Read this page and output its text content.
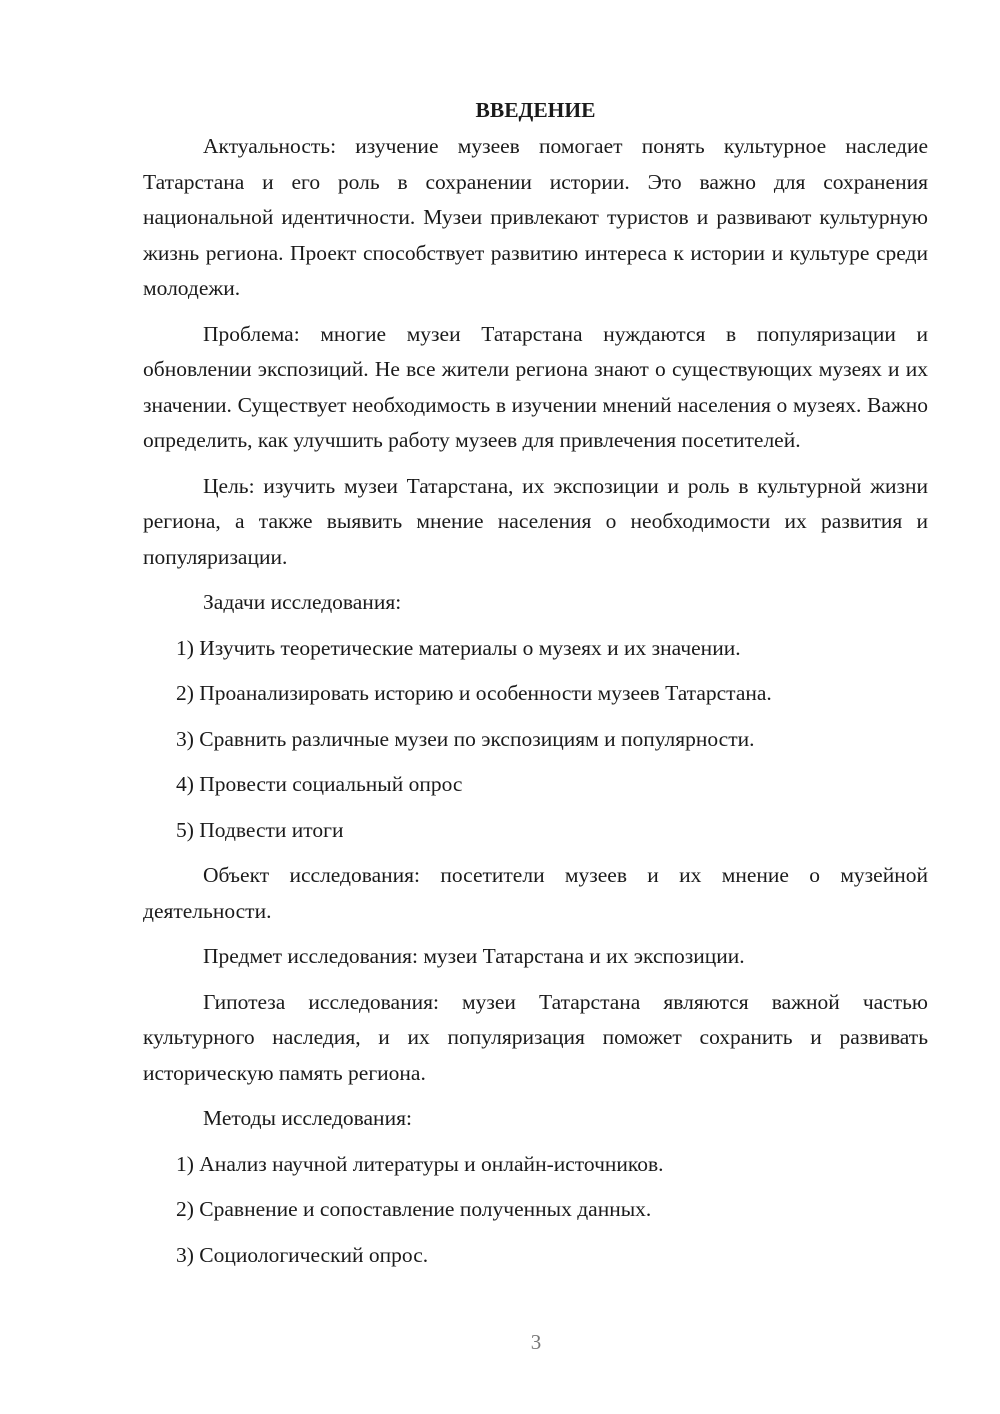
ВВЕДЕНИЕ

Актуальность: изучение музеев помогает понять культурное наследие Татарстана и его роль в сохранении истории. Это важно для сохранения национальной идентичности. Музеи привлекают туристов и развивают культурную жизнь региона. Проект способствует развитию интереса к истории и культуре среди молодежи.

Проблема: многие музеи Татарстана нуждаются в популяризации и обновлении экспозиций. Не все жители региона знают о существующих музеях и их значении. Существует необходимость в изучении мнений населения о музеях. Важно определить, как улучшить работу музеев для привлечения посетителей.

Цель: изучить музеи Татарстана, их экспозиции и роль в культурной жизни региона, а также выявить мнение населения о необходимости их развития и популяризации.

Задачи исследования:

1) Изучить теоретические материалы о музеях и их значении.
2) Проанализировать историю и особенности музеев Татарстана.
3) Сравнить различные музеи по экспозициям и популярности.
4) Провести социальный опрос
5) Подвести итоги

Объект исследования: посетители музеев и их мнение о музейной деятельности.

Предмет исследования: музеи Татарстана и их экспозиции.

Гипотеза исследования: музеи Татарстана являются важной частью культурного наследия, и их популяризация поможет сохранить и развивать историческую память региона.

Методы исследования:

1) Анализ научной литературы и онлайн-источников.
2) Сравнение и сопоставление полученных данных.
3) Социологический опрос.
3
